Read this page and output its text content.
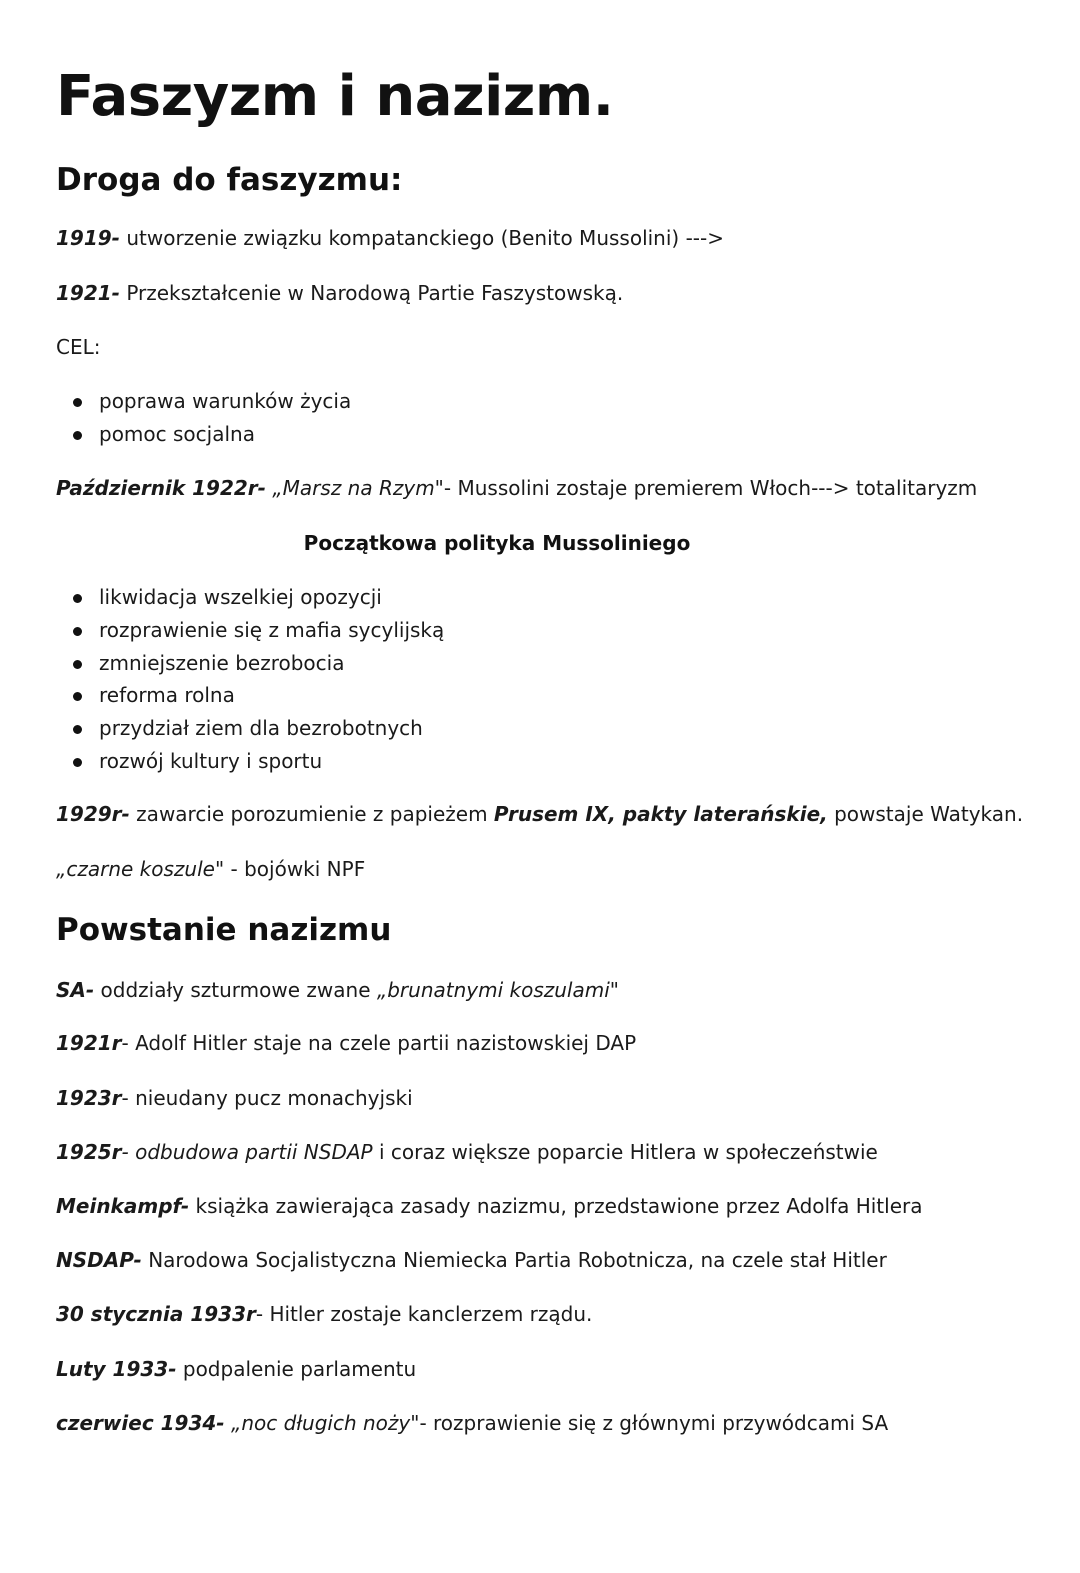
Faszyzm i nazizm.
Droga do faszyzmu:
1919- utworzenie związku kompatanckiego (Benito Mussolini) --->
1921- Przekształcenie w Narodową Partie Faszystowską.
CEL:
poprawa warunków życia
pomoc socjalna
Październik 1922r- „Marsz na Rzym"- Mussolini zostaje premierem Włoch---> totalitaryzm
Początkowa polityka Mussoliniego
likwidacja wszelkiej opozycji
rozprawienie się z mafia sycylijską
zmniejszenie bezrobocia
reforma rolna
przydział ziem dla bezrobotnych
rozwój kultury i sportu
1929r- zawarcie porozumienie z papieżem Prusem IX, pakty laterańskie, powstaje Watykan.
„czarne koszule" - bojówki NPF
Powstanie nazizmu
SA- oddziały szturmowe zwane „brunatnymi koszulami"
1921r- Adolf Hitler staje na czele partii nazistowskiej DAP
1923r- nieudany pucz monachyjski
1925r- odbudowa partii NSDAP i coraz większe poparcie Hitlera w społeczeństwie
Meinkampf- książka zawierająca zasady nazizmu, przedstawione przez Adolfa Hitlera
NSDAP- Narodowa Socjalistyczna Niemiecka Partia Robotnicza, na czele stał Hitler
30 stycznia 1933r- Hitler zostaje kanclerzem rządu.
Luty 1933- podpalenie parlamentu
czerwiec 1934- „noc długich noży"- rozprawienie się z głównymi przywódcami SA
